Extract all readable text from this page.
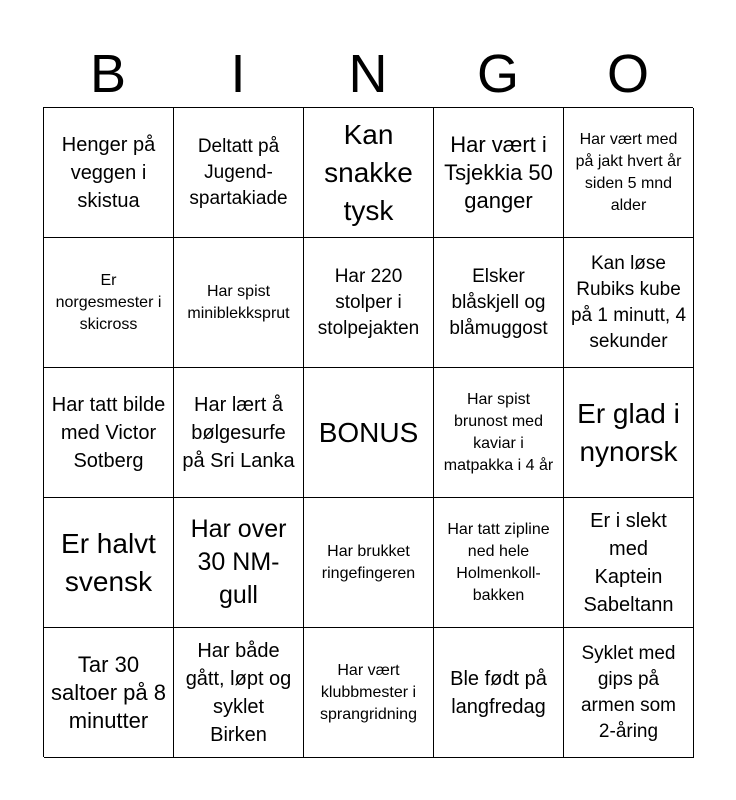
B	I	N	G	O
Henger på veggen i skistua
Deltatt på Jugend-spartakiade
Kan snakke tysk
Har vært i Tsjekkia 50 ganger
Har vært med på jakt hvert år siden 5 mnd alder
Er norgesmester i skicross
Har spist miniblekksprut
Har 220 stolper i stolpejakten
Elsker blåskjell og blåmuggost
Kan løse Rubiks kube på 1 minutt, 4 sekunder
Har tatt bilde med Victor Sotberg
Har lært å bølgesurfe på Sri Lanka
BONUS
Har spist brunost med kaviar i matpakka i 4 år
Er glad i nynorsk
Er halvt svensk
Har over 30 NM-gull
Har brukket ringefingeren
Har tatt zipline ned hele Holmenkoll-bakken
Er i slekt med Kaptein Sabeltann
Tar 30 saltoer på 8 minutter
Har både gått, løpt og syklet Birken
Har vært klubbmester i sprangridning
Ble født på langfredag
Syklet med gips på armen som 2-åring
